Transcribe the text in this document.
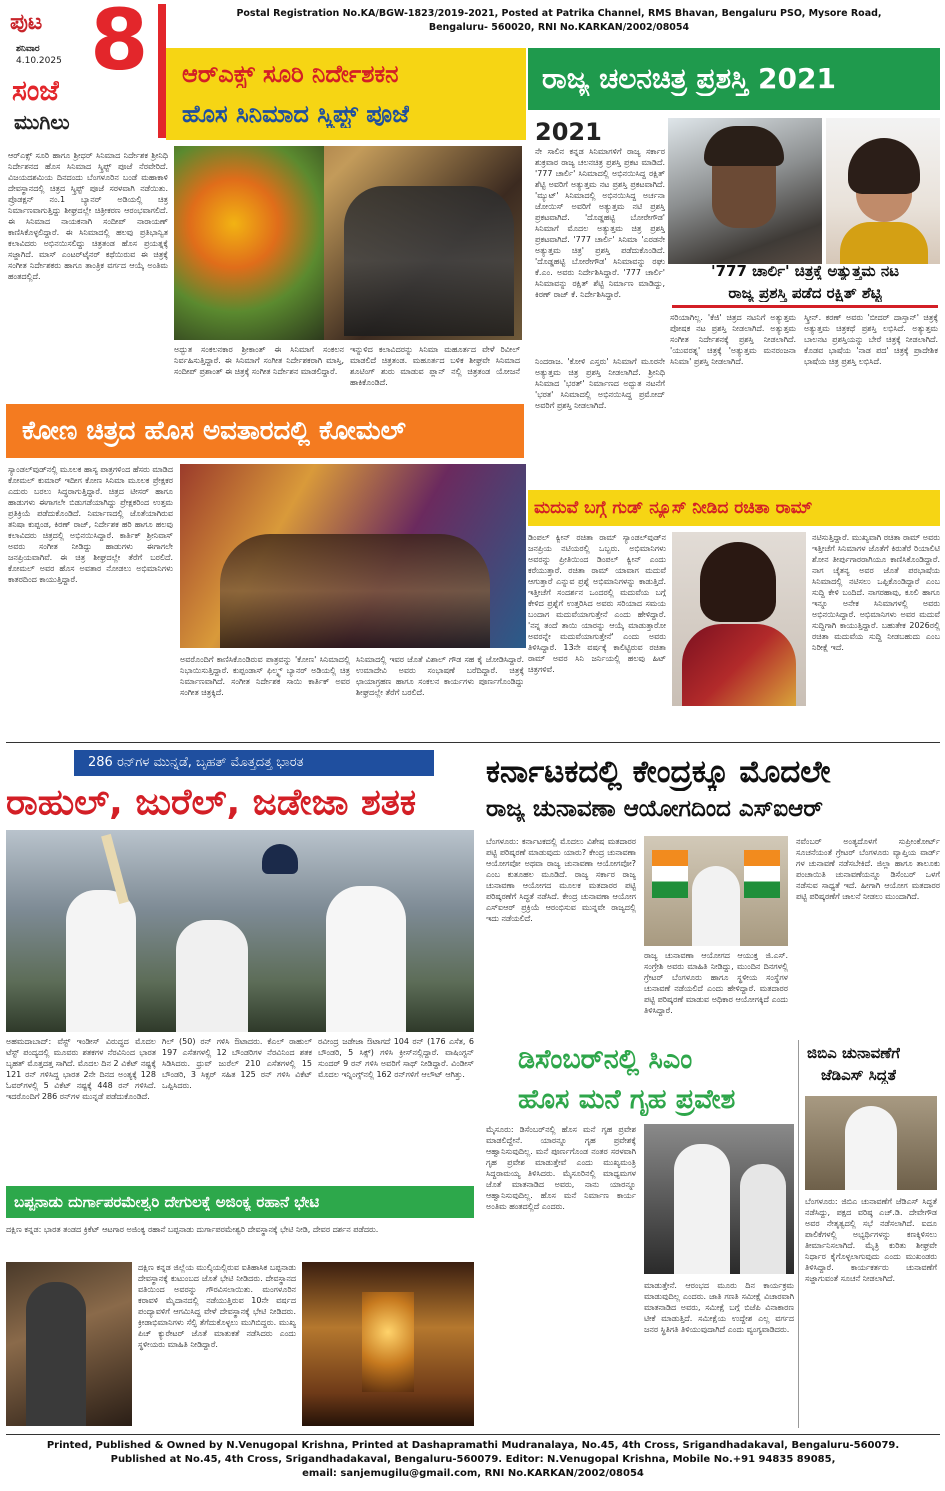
ಪುಟ 8
ಶನಿವಾರ
4.10.2025
ಸಂಜೆ
ಮುಗಿಲು
Postal Registration No.KA/BGW-1823/2019-2021, Posted at Patrika Channel, RMS Bhavan, Bengaluru PSO, Mysore Road,
Bengaluru- 560020, RNI No.KARKAN/2002/08054
ಆರ್‌ಎಕ್ಸ್ ಸೂರಿ ನಿರ್ದೇಶಕನ
ಹೊಸ ಸಿನಿಮಾದ ಸ್ಕ್ರಿಪ್ಟ್ ಪೂಜೆ
ಆರ್‌ಎಕ್ಸ್ ಸೂರಿ ಹಾಗೂ ಶ್ರೀಧರ್ ಸಿನಿಮಾದ ನಿರ್ದೇಶಕ ಶ್ರೀನಿಧಿ ನಿರ್ದೇಶನದ ಹೊಸ ಸಿನಿಮಾದ ಸ್ಕ್ರಿಪ್ಟ್ ಪೂಜೆ ನೆರವೇರಿದೆ. ವಿಜಯದಶಮಿಯ ದಿನದಂದು ಬೆಂಗಳೂರಿನ ಬಂಡೆ ಮಹಾಕಾಳಿ ದೇವಸ್ಥಾನದಲ್ಲಿ ಚಿತ್ರದ ಸ್ಕ್ರಿಪ್ಟ್ ಪೂಜೆ ಸರಳವಾಗಿ ನಡೆಯಿತು. ಪ್ರೊಡಕ್ಷನ್ ನಂ.1 ಬ್ಯಾನರ್ ಅಡಿಯಲ್ಲಿ ಚಿತ್ರ ನಿರ್ಮಾಣವಾಗುತ್ತಿದ್ದು ಶೀಘ್ರದಲ್ಲೇ ಚಿತ್ರೀಕರಣ ಆರಂಭವಾಗಲಿದೆ. ಈ ಸಿನಿಮಾದ ನಾಯಕನಾಗಿ ಸಂದೀಪ್ ನಾರಾಯಣ್ ಕಾಣಿಸಿಕೊಳ್ಳಲಿದ್ದಾರೆ. ಈ ಸಿನಿಮಾದಲ್ಲಿ ಹಲವು ಪ್ರತಿಭಾನ್ವಿತ ಕಲಾವಿದರು ಅಭಿನಯಿಸಲಿದ್ದು ಚಿತ್ರತಂಡ ಹೊಸ ಪ್ರಯತ್ನಕ್ಕೆ ಸಜ್ಜಾಗಿದೆ. ಮಾಸ್ ಎಂಟರ್‌ಟೈನರ್ ಕಥೆಯಿರುವ ಈ ಚಿತ್ರಕ್ಕೆ ಸಂಗೀತ ನಿರ್ದೇಶಕರು ಹಾಗೂ ತಾಂತ್ರಿಕ ವರ್ಗದ ಆಯ್ಕೆ ಅಂತಿಮ ಹಂತದಲ್ಲಿದೆ.
ಅದ್ಭುತ ಸಂಕಲನಕಾರ ಶ್ರೀಕಾಂತ್ ಈ ಸಿನಿಮಾಗೆ ಸಂಕಲನ ನಿರ್ವಹಿಸುತ್ತಿದ್ದಾರೆ. ಈ ಸಿನಿಮಾಗೆ ಸಂಗೀತ ನಿರ್ದೇಶಕರಾಗಿ ಮಾಸ್ತಿ, ಸಂದೀಪ್ ಪ್ರಶಾಂತ್ ಈ ಚಿತ್ರಕ್ಕೆ ಸಂಗೀತ ನಿರ್ದೇಶನ ಮಾಡಲಿದ್ದಾರೆ.
ಇನ್ನುಳಿದ ಕಲಾವಿದರನ್ನು ಸಿನಿಮಾ ಮಹೂರ್ತದ ವೇಳೆ ರಿವೀಲ್ ಮಾಡಲಿದೆ ಚಿತ್ರತಂಡ. ಮಹೂರ್ತದ ಬಳಿಕ ಶೀಘ್ರವೇ ಸಿನಿಮಾದ ಶೂಟಿಂಗ್ ಶುರು ಮಾಡುವ ಪ್ಲಾನ್ ನಲ್ಲಿ ಚಿತ್ರತಂಡ ಯೋಜನೆ ಹಾಕಿಕೊಂಡಿದೆ.
ರಾಜ್ಯ ಚಲನಚಿತ್ರ ಪ್ರಶಸ್ತಿ 2021
2021
ನೇ ಸಾಲಿನ ಕನ್ನಡ ಸಿನಿಮಾಗಳಿಗೆ ರಾಜ್ಯ ಸರ್ಕಾರ ಶುಕ್ರವಾರ ರಾಜ್ಯ ಚಲನಚಿತ್ರ ಪ್ರಶಸ್ತಿ ಪ್ರಕಟ ಮಾಡಿದೆ. '777 ಚಾರ್ಲಿ' ಸಿನಿಮಾದಲ್ಲಿ ಅಭಿನಯಿಸಿದ್ದ ರಕ್ಷಿತ್ ಶೆಟ್ಟಿ ಅವರಿಗೆ ಅತ್ಯುತ್ತಮ ನಟ ಪ್ರಶಸ್ತಿ ಪ್ರಕಟವಾಗಿದೆ. 'ಮ್ಯುಟ್' ಸಿನಿಮಾದಲ್ಲಿ ಅಭಿನಯಿಸಿದ್ದ ಅರ್ಚನಾ ಜೋಯಿಸ್ ಅವರಿಗೆ ಅತ್ಯುತ್ತಮ ನಟಿ ಪ್ರಶಸ್ತಿ ಪ್ರಕಟವಾಗಿದೆ. 'ದೊಡ್ಡಹಟ್ಟಿ ಬೋರೇಗೌಡ' ಸಿನಿಮಾಗೆ ಮೊದಲ ಅತ್ಯುತ್ತಮ ಚಿತ್ರ ಪ್ರಶಸ್ತಿ ಪ್ರಕಟವಾಗಿದೆ. '777 ಚಾರ್ಲಿ' ಸಿನಿಮಾ 'ಎರಡನೇ ಅತ್ಯುತ್ತಮ ಚಿತ್ರ' ಪ್ರಶಸ್ತಿ ಪಡೆದುಕೊಂಡಿದೆ. 'ದೊಡ್ಡಹಟ್ಟಿ ಬೋರೇಗೌಡ' ಸಿನಿಮಾವನ್ನು ರಘು ಕೆ.ಎಂ. ಅವರು ನಿರ್ದೇಶಿಸಿದ್ದಾರೆ. '777 ಚಾರ್ಲಿ' ಸಿನಿಮಾವನ್ನು ರಕ್ಷಿತ್ ಶೆಟ್ಟಿ ನಿರ್ಮಾಣ ಮಾಡಿದ್ದು, ಕಿರಣ್ ರಾಜ್ ಕೆ. ನಿರ್ದೇಶಿಸಿದ್ದಾರೆ.
ನಿಂದರಾಜ. 'ಕೋಳಿ ಎಸ್ತರು' ಸಿನಿಮಾಗೆ ಮೂರನೇ ಅತ್ಯುತ್ತಮ ಚಿತ್ರ ಪ್ರಶಸ್ತಿ ನೀಡಲಾಗಿದೆ. ಶ್ರೀನಿಧಿ ಸಿನಿಮಾದ 'ಭರತ್' ನಿರ್ಮಾಣದ ಅದ್ಭುತ ನಟನೆಗೆ 'ಭರತ' ಸಿನಿಮಾದಲ್ಲಿ ಅಭಿನಯಿಸಿದ್ದ ಪ್ರಮೋದ್ ಅವರಿಗೆ ಪ್ರಶಸ್ತಿ ನೀಡಲಾಗಿದೆ.
'777 ಚಾರ್ಲಿ' ಚಿತ್ರಕ್ಕೆ ಅತ್ಯುತ್ತಮ ನಟ
ರಾಜ್ಯ ಪ್ರಶಸ್ತಿ ಪಡೆದ ರಕ್ಷಿತ್ ಶೆಟ್ಟಿ
ಸರಿಯಾಗಿಲ್ಲ. 'ಕೆಜಿ' ಚಿತ್ರದ ನಟನಿಗೆ ಅತ್ಯುತ್ತಮ ಪೋಷಕ ನಟ ಪ್ರಶಸ್ತಿ ನೀಡಲಾಗಿದೆ. ಅತ್ಯುತ್ತಮ ಸಂಗೀತ ನಿರ್ದೇಶನಕ್ಕೆ ಪ್ರಶಸ್ತಿ ನೀಡಲಾಗಿದೆ. 'ಯುವರತ್ನ' ಚಿತ್ರಕ್ಕೆ 'ಅತ್ಯುತ್ತಮ ಮನರಂಜನಾ ಸಿನಿಮಾ' ಪ್ರಶಸ್ತಿ ನೀಡಲಾಗಿದೆ.
ಸ್ಕ್ರೀನ್. ಕರಣ್ ಅವರು 'ಬೀದರ್ ದಾಸ್ತಾನ್' ಚಿತ್ರಕ್ಕೆ ಅತ್ಯುತ್ತಮ ಚಿತ್ರಕಥೆ ಪ್ರಶಸ್ತಿ ಲಭಿಸಿದೆ. ಅತ್ಯುತ್ತಮ ಬಾಲನಟ ಪ್ರಶಸ್ತಿಯನ್ನು ಬೇರೆ ಚಿತ್ರಕ್ಕೆ ನೀಡಲಾಗಿದೆ. ಕೊಡವ ಭಾಷೆಯ 'ನಾಡ ಪದ' ಚಿತ್ರಕ್ಕೆ ಪ್ರಾದೇಶಿಕ ಭಾಷೆಯ ಚಿತ್ರ ಪ್ರಶಸ್ತಿ ಲಭಿಸಿದೆ.
ಕೋಣ ಚಿತ್ರದ ಹೊಸ ಅವತಾರದಲ್ಲಿ ಕೋಮಲ್
ಸ್ಯಾಂಡಲ್‌ವುಡ್‌ನಲ್ಲಿ ಮೂಲಕ ಹಾಸ್ಯ ಪಾತ್ರಗಳಿಂದ ಹೆಸರು ಮಾಡಿದ ಕೋಮಲ್ ಕುಮಾರ್ ಇದೀಗ ಕೋಣ ಸಿನಿಮಾ ಮೂಲಕ ಪ್ರೇಕ್ಷಕರ ಎದುರು ಬರಲು ಸಿದ್ಧರಾಗುತ್ತಿದ್ದಾರೆ. ಚಿತ್ರದ ಟೀಸರ್ ಹಾಗೂ ಹಾಡುಗಳು ಈಗಾಗಲೇ ಬಿಡುಗಡೆಯಾಗಿದ್ದು ಪ್ರೇಕ್ಷಕರಿಂದ ಉತ್ತಮ ಪ್ರತಿಕ್ರಿಯೆ ಪಡೆದುಕೊಂಡಿದೆ. ನಿರ್ಮಾಣದಲ್ಲಿ ಜೊತೆಯಾಗಿರುವ ತನಿಷಾ ಕುಪ್ಪಂಡ, ಕಿರಣ್ ರಾಜ್, ನಿರ್ದೇಶಕ ಹರಿ ಹಾಗೂ ಹಲವು ಕಲಾವಿದರು ಚಿತ್ರದಲ್ಲಿ ಅಭಿನಯಿಸಿದ್ದಾರೆ. ಕಾರ್ತಿಕ್ ಶ್ರೀನಿವಾಸ್ ಅವರು ಸಂಗೀತ ನೀಡಿದ್ದು ಹಾಡುಗಳು ಈಗಾಗಲೇ ಜನಪ್ರಿಯವಾಗಿವೆ. ಈ ಚಿತ್ರ ಶೀಘ್ರದಲ್ಲೇ ತೆರೆಗೆ ಬರಲಿದೆ. ಕೋಮಲ್ ಅವರ ಹೊಸ ಅವತಾರ ನೋಡಲು ಅಭಿಮಾನಿಗಳು ಕಾತರದಿಂದ ಕಾಯುತ್ತಿದ್ದಾರೆ.
ಅವರೊಂದಿಗೆ ಕಾಣಿಸಿಕೊಂಡಿರುವ ಪಾತ್ರವನ್ನು 'ಕೋಣ' ಸಿನಿಮಾದಲ್ಲಿ ನಿಭಾಯಿಸುತ್ತಿದ್ದಾರೆ. ಕುಪ್ಪಂಡಾಸ್ ಫಿಲ್ಮ್ಸ್ ಬ್ಯಾನರ್ ಅಡಿಯಲ್ಲಿ ಚಿತ್ರ ನಿರ್ಮಾಣವಾಗಿದೆ. ಸಂಗೀತ ನಿರ್ದೇಶಕ ಸಾಯಿ ಕಾರ್ತಿಕ್ ಅವರ ಸಂಗೀತ ಚಿತ್ರಕ್ಕಿದೆ.
ಸಿನಿಮಾದಲ್ಲಿ ಇವರ ಜೊತೆ ವಿಶಾಲ್ ಗೌಡ ಸಹ ಕೈ ಜೋಡಿಸಿದ್ದಾರೆ. ಉಮಾದೇವಿ ಅವರು ಸಂಭಾಷಣೆ ಬರೆದಿದ್ದಾರೆ. ಚಿತ್ರಕ್ಕೆ ಛಾಯಾಗ್ರಹಣ ಹಾಗೂ ಸಂಕಲನ ಕಾರ್ಯಗಳು ಪೂರ್ಣಗೊಂಡಿದ್ದು ಶೀಘ್ರದಲ್ಲೇ ತೆರೆಗೆ ಬರಲಿದೆ.
ಮದುವೆ ಬಗ್ಗೆ ಗುಡ್ ನ್ಯೂಸ್ ನೀಡಿದ ರಚಿತಾ ರಾಮ್
ಡಿಂಪಲ್ ಕ್ವೀನ್ ರಚಿತಾ ರಾಮ್ ಸ್ಯಾಂಡಲ್‌ವುಡ್‌ನ ಜನಪ್ರಿಯ ನಟಿಯರಲ್ಲಿ ಒಬ್ಬರು. ಅಭಿಮಾನಿಗಳು ಅವರನ್ನು ಪ್ರೀತಿಯಿಂದ ಡಿಂಪಲ್ ಕ್ವೀನ್ ಎಂದು ಕರೆಯುತ್ತಾರೆ. ರಚಿತಾ ರಾಮ್ ಯಾವಾಗ ಮದುವೆ ಆಗುತ್ತಾರೆ ಎನ್ನುವ ಪ್ರಶ್ನೆ ಅಭಿಮಾನಿಗಳನ್ನು ಕಾಡುತ್ತಿದೆ. ಇತ್ತೀಚೆಗೆ ಸಂದರ್ಶನ ಒಂದರಲ್ಲಿ ಮದುವೆಯ ಬಗ್ಗೆ ಕೇಳಿದ ಪ್ರಶ್ನೆಗೆ ಉತ್ತರಿಸಿದ ಅವರು ಸರಿಯಾದ ಸಮಯ ಬಂದಾಗ ಮದುವೆಯಾಗುತ್ತೇನೆ ಎಂದು ಹೇಳಿದ್ದಾರೆ. 'ನನ್ನ ತಂದೆ ತಾಯಿ ಯಾರನ್ನು ಆಯ್ಕೆ ಮಾಡುತ್ತಾರೋ ಅವರನ್ನೇ ಮದುವೆಯಾಗುತ್ತೇನೆ' ಎಂದು ಅವರು ತಿಳಿಸಿದ್ದಾರೆ. 13ನೇ ವರ್ಷಕ್ಕೆ ಕಾಲಿಟ್ಟಿರುವ ರಚಿತಾ ರಾಮ್ ಅವರ ಸಿನಿ ಜರ್ನಿಯಲ್ಲಿ ಹಲವು ಹಿಟ್ ಚಿತ್ರಗಳಿವೆ.
ನಟಿಸುತ್ತಿದ್ದಾರೆ. ಮುಖ್ಯವಾಗಿ ರಚಿತಾ ರಾಮ್ ಅವರು ಇತ್ತೀಚೆಗೆ ಸಿನಿಮಾಗಳ ಜೊತೆಗೆ ಕಿರುತೆರೆ ರಿಯಾಲಿಟಿ ಶೋನ ತೀರ್ಪುಗಾರರಾಗಿಯೂ ಕಾಣಿಸಿಕೊಂಡಿದ್ದಾರೆ. ನಾಗ ಚೈತನ್ಯ ಅವರ ಜೊತೆ ಪರಭಾಷೆಯ ಸಿನಿಮಾದಲ್ಲಿ ನಟಿಸಲು ಒಪ್ಪಿಕೊಂಡಿದ್ದಾರೆ ಎಂಬ ಸುದ್ದಿ ಕೇಳಿ ಬಂದಿದೆ. ನಾಗರಹಾವು, ಕೂಲಿ ಹಾಗೂ ಇನ್ನೂ ಅನೇಕ ಸಿನಿಮಾಗಳಲ್ಲಿ ಅವರು ಅಭಿನಯಿಸಿದ್ದಾರೆ. ಅಭಿಮಾನಿಗಳು ಅವರ ಮದುವೆ ಸುದ್ದಿಗಾಗಿ ಕಾಯುತ್ತಿದ್ದಾರೆ. ಬಹುತೇಕ 2026ರಲ್ಲಿ ರಚಿತಾ ಮದುವೆಯ ಸುದ್ದಿ ನೀಡಬಹುದು ಎಂಬ ನಿರೀಕ್ಷೆ ಇದೆ.
286 ರನ್‌ಗಳ ಮುನ್ನಡೆ, ಬೃಹತ್ ಮೊತ್ತದತ್ತ ಭಾರತ
ರಾಹುಲ್, ಜುರೆಲ್, ಜಡೇಜಾ ಶತಕ
ಅಹಮದಾಬಾದ್: ವೆಸ್ಟ್ ಇಂಡೀಸ್ ವಿರುದ್ಧದ ಮೊದಲ ಟೆಸ್ಟ್ ಪಂದ್ಯದಲ್ಲಿ ಮೂವರು ಶತಕಗಳ ನೆರವಿನಿಂದ ಭಾರತ ಬೃಹತ್ ಮೊತ್ತದತ್ತ ಸಾಗಿದೆ. ಮೊದಲ ದಿನ 2 ವಿಕೆಟ್ ನಷ್ಟಕ್ಕೆ 121 ರನ್ ಗಳಿಸಿದ್ದ ಭಾರತ 2ನೇ ದಿನದ ಅಂತ್ಯಕ್ಕೆ 128 ಓವರ್‌ಗಳಲ್ಲಿ 5 ವಿಕೆಟ್ ನಷ್ಟಕ್ಕೆ 448 ರನ್ ಗಳಿಸಿದೆ. ಇದರೊಂದಿಗೆ 286 ರನ್‌ಗಳ ಮುನ್ನಡೆ ಪಡೆದುಕೊಂಡಿದೆ.
ಗಿಲ್ (50) ರನ್ ಗಳಿಸಿ ಔಟಾದರು. ಕೆಎಲ್ ರಾಹುಲ್ 197 ಎಸೆತಗಳಲ್ಲಿ 12 ಬೌಂಡರಿಗಳ ನೆರವಿನಿಂದ ಶತಕ ಸಿಡಿಸಿದರು. ಧ್ರುವ್ ಜುರೆಲ್ 210 ಎಸೆತಗಳಲ್ಲಿ 15 ಬೌಂಡರಿ, 3 ಸಿಕ್ಸರ್ ಸಹಿತ 125 ರನ್ ಗಳಿಸಿ ವಿಕೆಟ್ ಒಪ್ಪಿಸಿದರು.
ರವೀಂದ್ರ ಜಡೇಜಾ ಔಟಾಗದೆ 104 ರನ್ (176 ಎಸೆತ, 6 ಬೌಂಡರಿ, 5 ಸಿಕ್ಸ್) ಗಳಿಸಿ ಕ್ರೀಸ್‌ನಲ್ಲಿದ್ದಾರೆ. ವಾಷಿಂಗ್ಟನ್ ಸುಂದರ್ 9 ರನ್ ಗಳಿಸಿ ಅವರಿಗೆ ಸಾಥ್ ನೀಡಿದ್ದಾರೆ. ವಿಂಡೀಸ್ ಮೊದಲ ಇನ್ನಿಂಗ್ಸ್‌ನಲ್ಲಿ 162 ರನ್‌ಗಳಿಗೆ ಆಲೌಟ್ ಆಗಿತ್ತು.
ಬಪ್ಪನಾಡು ದುರ್ಗಾಪರಮೇಶ್ವರಿ ದೇಗುಲಕ್ಕೆ ಅಜಿಂಕ್ಯ ರಹಾನೆ ಭೇಟಿ
ದಕ್ಷಿಣ ಕನ್ನಡ: ಭಾರತ ತಂಡದ ಕ್ರಿಕೆಟ್ ಆಟಗಾರ ಅಜಿಂಕ್ಯ ರಹಾನೆ ಬಪ್ಪನಾಡು ದುರ್ಗಾಪರಮೇಶ್ವರಿ ದೇವಸ್ಥಾನಕ್ಕೆ ಭೇಟಿ ನೀಡಿ, ದೇವರ ದರ್ಶನ ಪಡೆದರು.
ದಕ್ಷಿಣ ಕನ್ನಡ ಜಿಲ್ಲೆಯ ಮುಲ್ಕಿಯಲ್ಲಿರುವ ಐತಿಹಾಸಿಕ ಬಪ್ಪನಾಡು ದೇವಸ್ಥಾನಕ್ಕೆ ಕುಟುಂಬದ ಜೊತೆ ಭೇಟಿ ನೀಡಿದರು. ದೇವಸ್ಥಾನದ ವತಿಯಿಂದ ಅವರನ್ನು ಗೌರವಿಸಲಾಯಿತು. ಮಂಗಳೂರಿನ ಕರಾವಳಿ ಮೈದಾನದಲ್ಲಿ ನಡೆಯುತ್ತಿರುವ 10ನೇ ವರ್ಷದ ಪಂದ್ಯಾವಳಿಗೆ ಆಗಮಿಸಿದ್ದ ವೇಳೆ ದೇವಸ್ಥಾನಕ್ಕೆ ಭೇಟಿ ನೀಡಿದರು. ಕ್ರೀಡಾಭಿಮಾನಿಗಳು ಸೆಲ್ಫಿ ತೆಗೆದುಕೊಳ್ಳಲು ಮುಗಿಬಿದ್ದರು. ಮುಖ್ಯ ಪಿಚ್ ಕ್ಯುರೇಟರ್ ಜೊತೆ ಮಾತುಕತೆ ನಡೆಸಿದರು ಎಂದು ಸ್ಥಳೀಯರು ಮಾಹಿತಿ ನೀಡಿದ್ದಾರೆ.
ಕರ್ನಾಟಕದಲ್ಲಿ ಕೇಂದ್ರಕ್ಕೂ ಮೊದಲೇ
ರಾಜ್ಯ ಚುನಾವಣಾ ಆಯೋಗದಿಂದ ಎಸ್‌ಐಆರ್
ಬೆಂಗಳೂರು: ಕರ್ನಾಟಕದಲ್ಲಿ ಮೊದಲು ವಿಶೇಷ ಮತದಾರರ ಪಟ್ಟಿ ಪರಿಷ್ಕರಣೆ ಮಾಡುವುದು ಯಾರು? ಕೇಂದ್ರ ಚುನಾವಣಾ ಆಯೋಗವೋ ಅಥವಾ ರಾಜ್ಯ ಚುನಾವಣಾ ಆಯೋಗವೋ? ಎಂಬ ಕುತೂಹಲ ಮೂಡಿದೆ. ರಾಜ್ಯ ಸರ್ಕಾರ ರಾಜ್ಯ ಚುನಾವಣಾ ಆಯೋಗದ ಮೂಲಕ ಮತದಾರರ ಪಟ್ಟಿ ಪರಿಷ್ಕರಣೆಗೆ ಸಿದ್ಧತೆ ನಡೆಸಿದೆ. ಕೇಂದ್ರ ಚುನಾವಣಾ ಆಯೋಗ ಎಸ್‌ಐಆರ್ ಪ್ರಕ್ರಿಯೆ ಆರಂಭಿಸುವ ಮುನ್ನವೇ ರಾಜ್ಯದಲ್ಲಿ ಇದು ನಡೆಯಲಿದೆ.
ರಾಜ್ಯ ಚುನಾವಣಾ ಆಯೋಗದ ಆಯುಕ್ತ ಜಿ.ಎಸ್. ಸಂಗ್ರೇಶಿ ಅವರು ಮಾಹಿತಿ ನೀಡಿದ್ದು, ಮುಂದಿನ ದಿನಗಳಲ್ಲಿ ಗ್ರೇಟರ್ ಬೆಂಗಳೂರು ಹಾಗೂ ಸ್ಥಳೀಯ ಸಂಸ್ಥೆಗಳ ಚುನಾವಣೆ ನಡೆಯಲಿದೆ ಎಂದು ಹೇಳಿದ್ದಾರೆ. ಮತದಾರರ ಪಟ್ಟಿ ಪರಿಷ್ಕರಣೆ ಮಾಡುವ ಅಧಿಕಾರ ಆಯೋಗಕ್ಕಿದೆ ಎಂದು ತಿಳಿಸಿದ್ದಾರೆ.
ನವೆಂಬರ್ ಅಂತ್ಯದೊಳಗೆ ಸುಪ್ರೀಂಕೋರ್ಟ್ ಸೂಚನೆಯಂತೆ ಗ್ರೇಟರ್ ಬೆಂಗಳೂರು ವ್ಯಾಪ್ತಿಯ ವಾರ್ಡ್ ಗಳ ಚುನಾವಣೆ ನಡೆಸಬೇಕಿದೆ. ಜಿಲ್ಲಾ ಹಾಗೂ ತಾಲೂಕು ಪಂಚಾಯಿತಿ ಚುನಾವಣೆಯನ್ನೂ ಡಿಸೆಂಬರ್ ಒಳಗೆ ನಡೆಸುವ ಸಾಧ್ಯತೆ ಇದೆ. ಹೀಗಾಗಿ ಆಯೋಗ ಮತದಾರರ ಪಟ್ಟಿ ಪರಿಷ್ಕರಣೆಗೆ ಚಾಲನೆ ನೀಡಲು ಮುಂದಾಗಿದೆ.
ಡಿಸೆಂಬರ್‌ನಲ್ಲಿ ಸಿಎಂ
ಹೊಸ ಮನೆ ಗೃಹ ಪ್ರವೇಶ
ಮೈಸೂರು: ಡಿಸೆಂಬರ್‌ನಲ್ಲಿ ಹೊಸ ಮನೆ ಗೃಹ ಪ್ರವೇಶ ಮಾಡಲಿದ್ದೇನೆ. ಯಾರನ್ನೂ ಗೃಹ ಪ್ರವೇಶಕ್ಕೆ ಆಹ್ವಾನಿಸುವುದಿಲ್ಲ. ಮನೆ ಪೂರ್ಣಗೊಂಡ ನಂತರ ಸರಳವಾಗಿ ಗೃಹ ಪ್ರವೇಶ ಮಾಡುತ್ತೇವೆ ಎಂದು ಮುಖ್ಯಮಂತ್ರಿ ಸಿದ್ದರಾಮಯ್ಯ ತಿಳಿಸಿದರು. ಮೈಸೂರಿನಲ್ಲಿ ಮಾಧ್ಯಮಗಳ ಜೊತೆ ಮಾತನಾಡಿದ ಅವರು, ನಾನು ಯಾರನ್ನೂ ಆಹ್ವಾನಿಸುವುದಿಲ್ಲ. ಹೊಸ ಮನೆ ನಿರ್ಮಾಣ ಕಾರ್ಯ ಅಂತಿಮ ಹಂತದಲ್ಲಿದೆ ಎಂದರು.
ಮಾಡುತ್ತೇನೆ. ಆರಂಭದ ಮೂರು ದಿನ ಕಾರ್ಯಕ್ರಮ ಮಾಡುವುದಿಲ್ಲ ಎಂದರು. ಜಾತಿ ಗಣತಿ ಸಮೀಕ್ಷೆ ವಿಚಾರವಾಗಿ ಮಾತನಾಡಿದ ಅವರು, ಸಮೀಕ್ಷೆ ಬಗ್ಗೆ ಬಿಜೆಪಿ ವಿನಾಕಾರಣ ಟೀಕೆ ಮಾಡುತ್ತಿದೆ. ಸಮೀಕ್ಷೆಯ ಉದ್ದೇಶ ಎಲ್ಲ ವರ್ಗದ ಜನರ ಸ್ಥಿತಿಗತಿ ತಿಳಿಯುವುದಾಗಿದೆ ಎಂದು ವ್ಯಂಗ್ಯವಾಡಿದರು.
ಜಿಬಿಎ ಚುನಾವಣೆಗೆ
ಜೆಡಿಎಸ್ ಸಿದ್ಧತೆ
ಬೆಂಗಳೂರು: ಜಿಬಿಎ ಚುನಾವಣೆಗೆ ಜೆಡಿಎಸ್ ಸಿದ್ಧತೆ ನಡೆಸಿದ್ದು, ಪಕ್ಷದ ವರಿಷ್ಠ ಎಚ್.ಡಿ. ದೇವೇಗೌಡ ಅವರ ನೇತೃತ್ವದಲ್ಲಿ ಸಭೆ ನಡೆಸಲಾಗಿದೆ. ಐದೂ ಪಾಲಿಕೆಗಳಲ್ಲಿ ಅಭ್ಯರ್ಥಿಗಳನ್ನು ಕಣಕ್ಕಿಳಿಸಲು ತೀರ್ಮಾನಿಸಲಾಗಿದೆ. ಮೈತ್ರಿ ಕುರಿತು ಶೀಘ್ರವೇ ನಿರ್ಧಾರ ಕೈಗೊಳ್ಳಲಾಗುವುದು ಎಂದು ಮುಖಂಡರು ತಿಳಿಸಿದ್ದಾರೆ. ಕಾರ್ಯಕರ್ತರು ಚುನಾವಣೆಗೆ ಸಜ್ಜಾಗುವಂತೆ ಸೂಚನೆ ನೀಡಲಾಗಿದೆ.
Printed, Published & Owned by N.Venugopal Krishna, Printed at Dashapramathi Mudranalaya, No.45, 4th Cross, Srigandhadakaval, Bengaluru-560079.
Published at No.45, 4th Cross, Srigandhadakaval, Bengaluru-560079. Editor: N.Venugopal Krishna, Mobile No.+91 94835 89085,
email: sanjemugilu@gmail.com, RNI No.KARKAN/2002/08054
